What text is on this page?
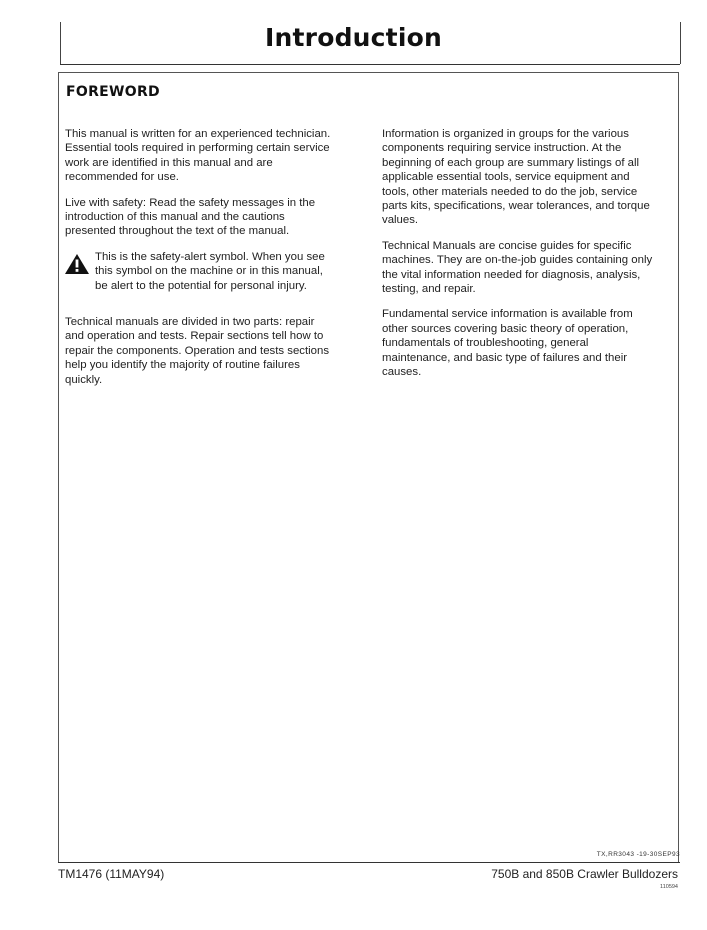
Introduction
FOREWORD

This manual is written for an experienced technician.
Essential tools required in performing certain service
work are identified in this manual and are
recommended for use.

Live with safety: Read the safety messages in the
introduction of this manual and the cautions
presented throughout the text of the manual.

This is the safety-alert symbol. When you see
this symbol on the machine or in this manual,
be alert to the potential for personal injury.

Technical manuals are divided in two parts: repair
and operation and tests. Repair sections tell how to
repair the components. Operation and tests sections
help you identify the majority of routine failures
quickly.

Information is organized in groups for the various
components requiring service instruction. At the
beginning of each group are summary listings of all
applicable essential tools, service equipment and
tools, other materials needed to do the job, service
parts kits, specifications, wear tolerances, and torque
values.

Technical Manuals are concise guides for specific
machines. They are on-the-job guides containing only
the vital information needed for diagnosis, analysis,
testing, and repair.

Fundamental service information is available from
other sources covering basic theory of operation,
fundamentals of troubleshooting, general
maintenance, and basic type of failures and their
causes.

TX,RR3043 -19-30SEP93
TM1476 (11MAY94)	750B and 850B Crawler Bulldozers
110594
